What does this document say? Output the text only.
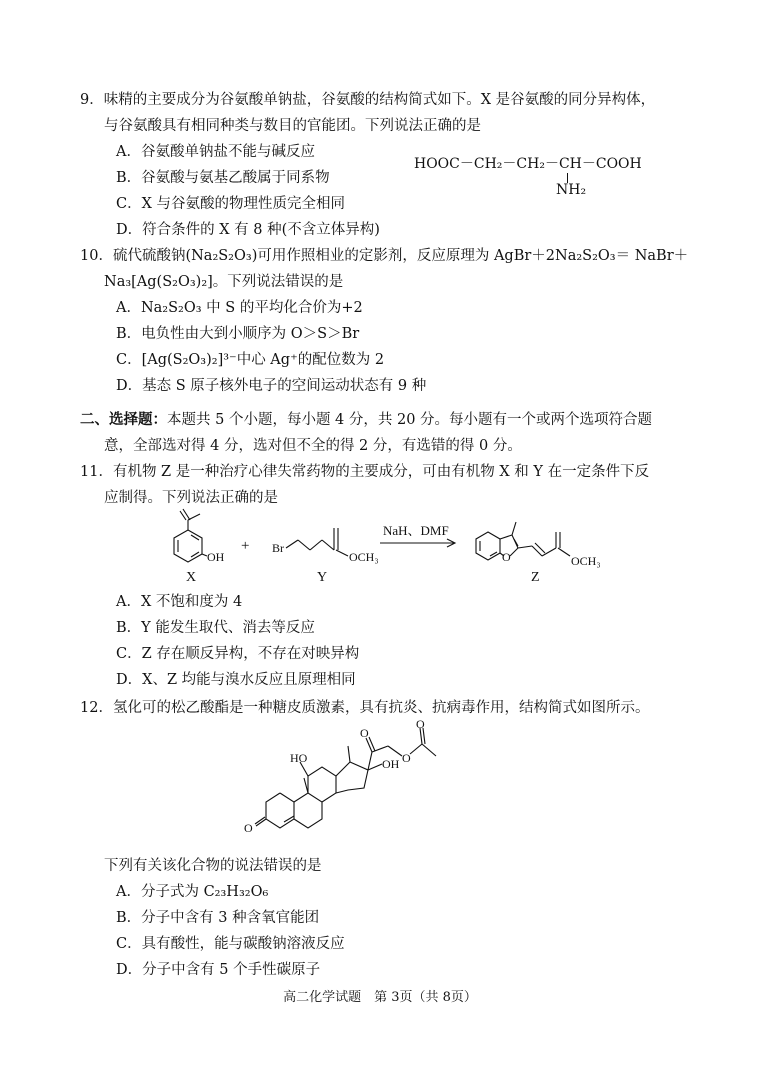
9．味精的主要成分为谷氨酸单钠盐，谷氨酸的结构简式如下。X 是谷氨酸的同分异构体，
与谷氨酸具有相同种类与数目的官能团。下列说法正确的是
A．谷氨酸单钠盐不能与碱反应
B．谷氨酸与氨基乙酸属于同系物
C．X 与谷氨酸的物理性质完全相同
D．符合条件的 X 有 8 种(不含立体异构)
HOOC－CH₂－CH₂－CH－COOH
NH₂
10．硫代硫酸钠(Na₂S₂O₃)可用作照相业的定影剂，反应原理为 AgBr＋2Na₂S₂O₃＝ NaBr＋
Na₃[Ag(S₂O₃)₂]。下列说法错误的是
A．Na₂S₂O₃ 中 S 的平均化合价为+2
B．电负性由大到小顺序为 O＞S＞Br
C．[Ag(S₂O₃)₂]³⁻中心 Ag⁺的配位数为 2
D．基态 S 原子核外电子的空间运动状态有 9 种
二、选择题：本题共 5 个小题，每小题 4 分，共 20 分。每小题有一个或两个选项符合题
意，全部选对得 4 分，选对但不全的得 2 分，有选错的得 0 分。
11．有机物 Z 是一种治疗心律失常药物的主要成分，可由有机物 X 和 Y 在一定条件下反
应制得。下列说法正确的是
OH
Br
OCH₃
NaH、DMF
O	OCH₃
+
X	Y	Z
A．X 不饱和度为 4
B．Y 能发生取代、消去等反应
C．Z 存在顺反异构，不存在对映异构
D．X、Z 均能与溴水反应且原理相同
12．氢化可的松乙酸酯是一种糖皮质激素，具有抗炎、抗病毒作用，结构简式如图所示。
HO	OH
O
O
O
O
下列有关该化合物的说法错误的是
A．分子式为 C₂₃H₃₂O₆
B．分子中含有 3 种含氧官能团
C．具有酸性，能与碳酸钠溶液反应
D．分子中含有 5 个手性碳原子
高二化学试题　第 3页（共 8页）
